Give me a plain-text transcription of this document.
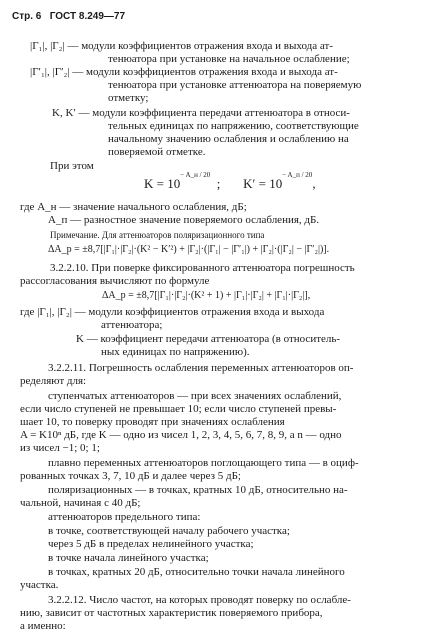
Стр. 6 ГОСТ 8.249—77
|Г₁|, |Г₂| — модули коэффициентов отражения входа и выхода ат-
тенюатора при установке на начальное ослабление;
|Г′₁|, |Г′₂| — модули коэффициентов отражения входа и выхода ат-
тенюатора при установке аттенюатора на поверяемую
отметку;
K, K′ — модули коэффициента передачи аттенюатора в относи-
тельных единицах по напряжению, соответствующие
начальному значению ослабления и ослаблению на
поверяемой отметке.
При этом
$K = 10^{- A\_н / 20}$  ; $K' = 10^{- A\_п / 20}$,
где A_н — значение начального ослабления, дБ;
A_п — разностное значение поверяемого ослабления, дБ.
Примечание. Для аттенюаторов поляризационного типа
ΔA_р = ±8,7[|Г₁|·|Г₂|·(K² − K′²) + |Г₂|·(|Г₁| − |Г′₁|) + |Г₂|·(|Г₂| − |Г′₂|)].
3.2.2.10. При поверке фиксированного аттенюатора погрешность
рассогласования вычисляют по формуле
ΔA_р = ±8,7[|Г₁|·|Г₂|·(K² + 1) + |Г₁|·|Г₂| + |Г₁|·|Г₂|],
где |Г₁|, |Г₂| — модули коэффициентов отражения входа и выхода
аттенюатора;
K — коэффициент передачи аттенюатора (в относитель-
ных единицах по напряжению).
3.2.2.11. Погрешность ослабления переменных аттенюаторов оп-
ределяют для:
ступенчатых аттенюаторов — при всех значениях ослаблений,
если число ступеней не превышает 10; если число ступеней превы-
шает 10, то поверку проводят при значениях ослабления
A = K10ⁿ дБ, где K — одно из чисел 1, 2, 3, 4, 5, 6, 7, 8, 9, а n — одно
из чисел −1; 0; 1;
плавно переменных аттенюаторов поглощающего типа — в оциф-
рованных точках 3, 7, 10 дБ и далее через 5 дБ;
поляризационных — в точках, кратных 10 дБ, относительно на-
чальной, начиная с 40 дБ;
аттенюаторов предельного типа:
в точке, соответствующей началу рабочего участка;
через 5 дБ в пределах нелинейного участка;
в точке начала линейного участка;
в точках, кратных 20 дБ, относительно точки начала линейного
участка.
3.2.2.12. Число частот, на которых проводят поверку по ослабле-
нию, зависит от частотных характеристик поверяемого прибора,
а именно:
